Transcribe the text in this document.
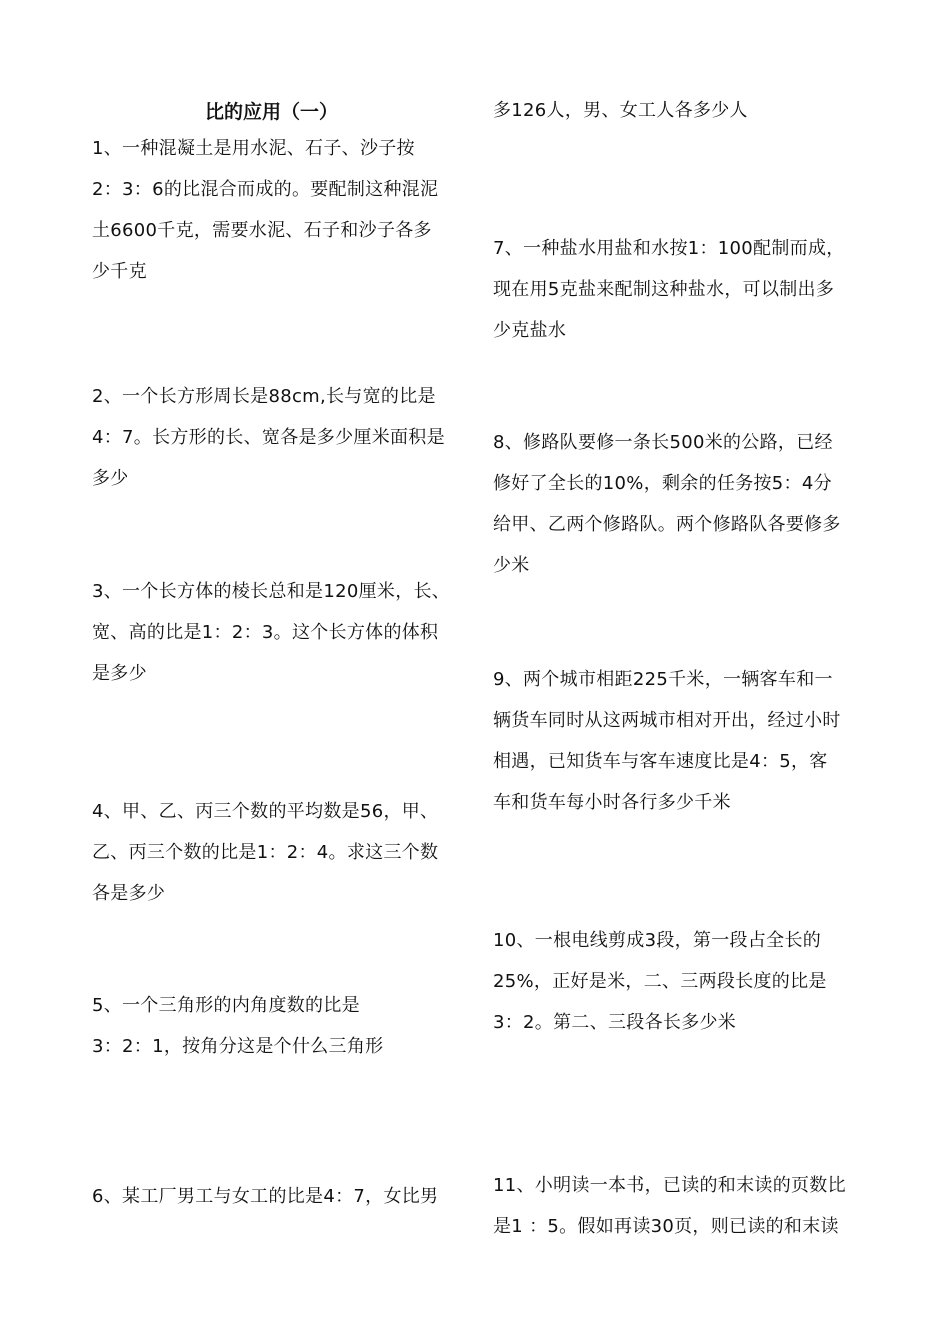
比的应用（一）
1、一种混凝土是用水泥、石子、沙子按
2：3：6的比混合而成的。要配制这种混泥
土6600千克，需要水泥、石子和沙子各多
少千克
2、一个长方形周长是88cm,长与宽的比是
4：7。长方形的长、宽各是多少厘米面积是
多少
3、一个长方体的棱长总和是120厘米，长、
宽、高的比是1：2：3。这个长方体的体积
是多少
4、甲、乙、丙三个数的平均数是56，甲、
乙、丙三个数的比是1：2：4。求这三个数
各是多少
5、一个三角形的内角度数的比是
3：2：1，按角分这是个什么三角形
6、某工厂男工与女工的比是4：7，女比男
多126人，男、女工人各多少人
7、一种盐水用盐和水按1：100配制而成，
现在用5克盐来配制这种盐水，可以制出多
少克盐水
8、修路队要修一条长500米的公路，已经
修好了全长的10%，剩余的任务按5：4分
给甲、乙两个修路队。两个修路队各要修多
少米
9、两个城市相距225千米，一辆客车和一
辆货车同时从这两城市相对开出，经过小时
相遇，已知货车与客车速度比是4：5，客
车和货车每小时各行多少千米
10、一根电线剪成3段，第一段占全长的
25%，正好是米，二、三两段长度的比是
3：2。第二、三段各长多少米
11、小明读一本书，已读的和末读的页数比
是1 ：5。假如再读30页，则已读的和末读
